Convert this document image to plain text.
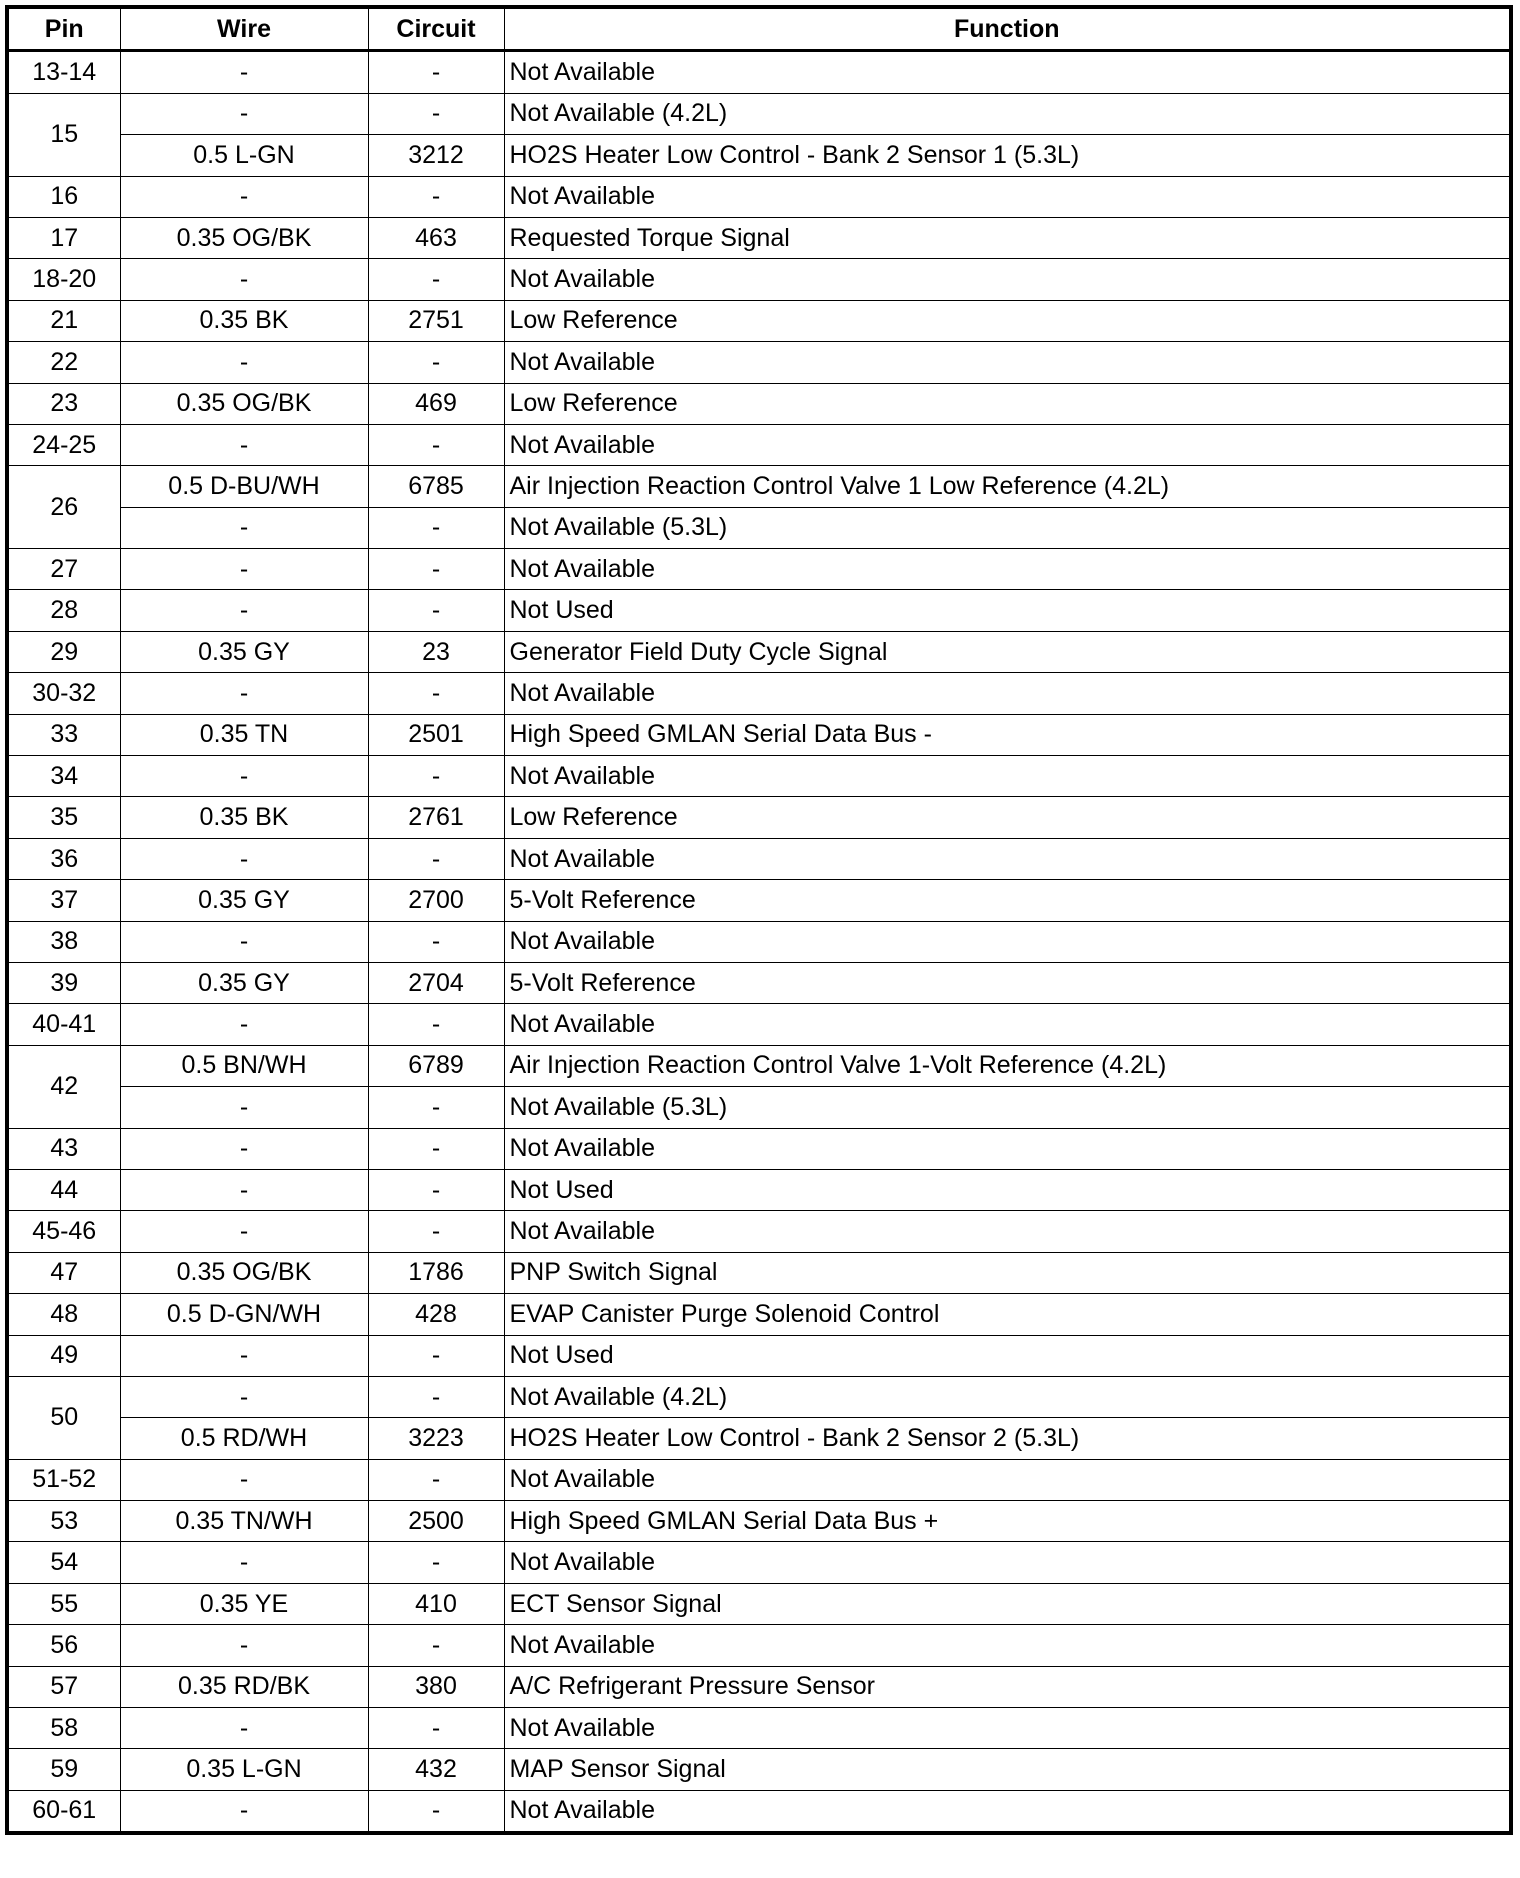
Pin	Wire	Circuit	Function
13-14	-	-	Not Available
15	-	-	Not Available (4.2L)
	0.5 L-GN	3212	HO2S Heater Low Control - Bank 2 Sensor 1 (5.3L)
16	-	-	Not Available
17	0.35 OG/BK	463	Requested Torque Signal
18-20	-	-	Not Available
21	0.35 BK	2751	Low Reference
22	-	-	Not Available
23	0.35 OG/BK	469	Low Reference
24-25	-	-	Not Available
26	0.5 D-BU/WH	6785	Air Injection Reaction Control Valve 1 Low Reference (4.2L)
	-	-	Not Available (5.3L)
27	-	-	Not Available
28	-	-	Not Used
29	0.35 GY	23	Generator Field Duty Cycle Signal
30-32	-	-	Not Available
33	0.35 TN	2501	High Speed GMLAN Serial Data Bus -
34	-	-	Not Available
35	0.35 BK	2761	Low Reference
36	-	-	Not Available
37	0.35 GY	2700	5-Volt Reference
38	-	-	Not Available
39	0.35 GY	2704	5-Volt Reference
40-41	-	-	Not Available
42	0.5 BN/WH	6789	Air Injection Reaction Control Valve 1-Volt Reference (4.2L)
	-	-	Not Available (5.3L)
43	-	-	Not Available
44	-	-	Not Used
45-46	-	-	Not Available
47	0.35 OG/BK	1786	PNP Switch Signal
48	0.5 D-GN/WH	428	EVAP Canister Purge Solenoid Control
49	-	-	Not Used
50	-	-	Not Available (4.2L)
	0.5 RD/WH	3223	HO2S Heater Low Control - Bank 2 Sensor 2 (5.3L)
51-52	-	-	Not Available
53	0.35 TN/WH	2500	High Speed GMLAN Serial Data Bus +
54	-	-	Not Available
55	0.35 YE	410	ECT Sensor Signal
56	-	-	Not Available
57	0.35 RD/BK	380	A/C Refrigerant Pressure Sensor
58	-	-	Not Available
59	0.35 L-GN	432	MAP Sensor Signal
60-61	-	-	Not Available
